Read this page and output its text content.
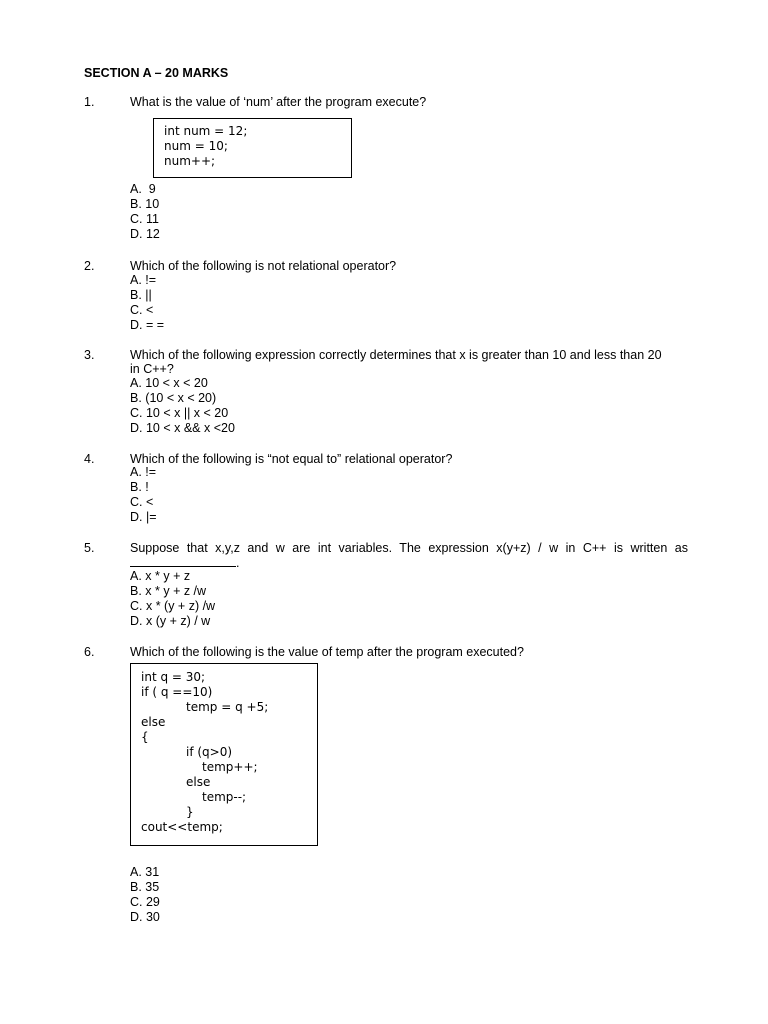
SECTION A – 20 MARKS
1.	What is the value of ‘num’ after the program execute?
int num = 12;
num = 10;
num++;
A.  9
B. 10
C. 11
D. 12
2.	Which of the following is not relational operator?
A. !=
B. ||
C. <
D. = =
3.	Which of the following expression correctly determines that x is greater than 10 and less than 20
in C++?
A. 10 < x < 20
B. (10 < x < 20)
C. 10 < x || x < 20
D. 10 < x && x <20
4.	Which of the following is “not equal to” relational operator?
A. !=
B. !
C. <
D. |=
5.	Suppose that x,y,z and w are int variables. The expression x(y+z) / w in C++ is written as
.
A. x * y + z
B. x * y + z /w
C. x * (y + z) /w
D. x (y + z) / w
6.	Which of the following is the value of temp after the program executed?
int q = 30;
if ( q ==10)
temp = q +5;
else
{
if (q>0)
temp++;
else
temp--;
}
cout<<temp;
A. 31
B. 35
C. 29
D. 30
